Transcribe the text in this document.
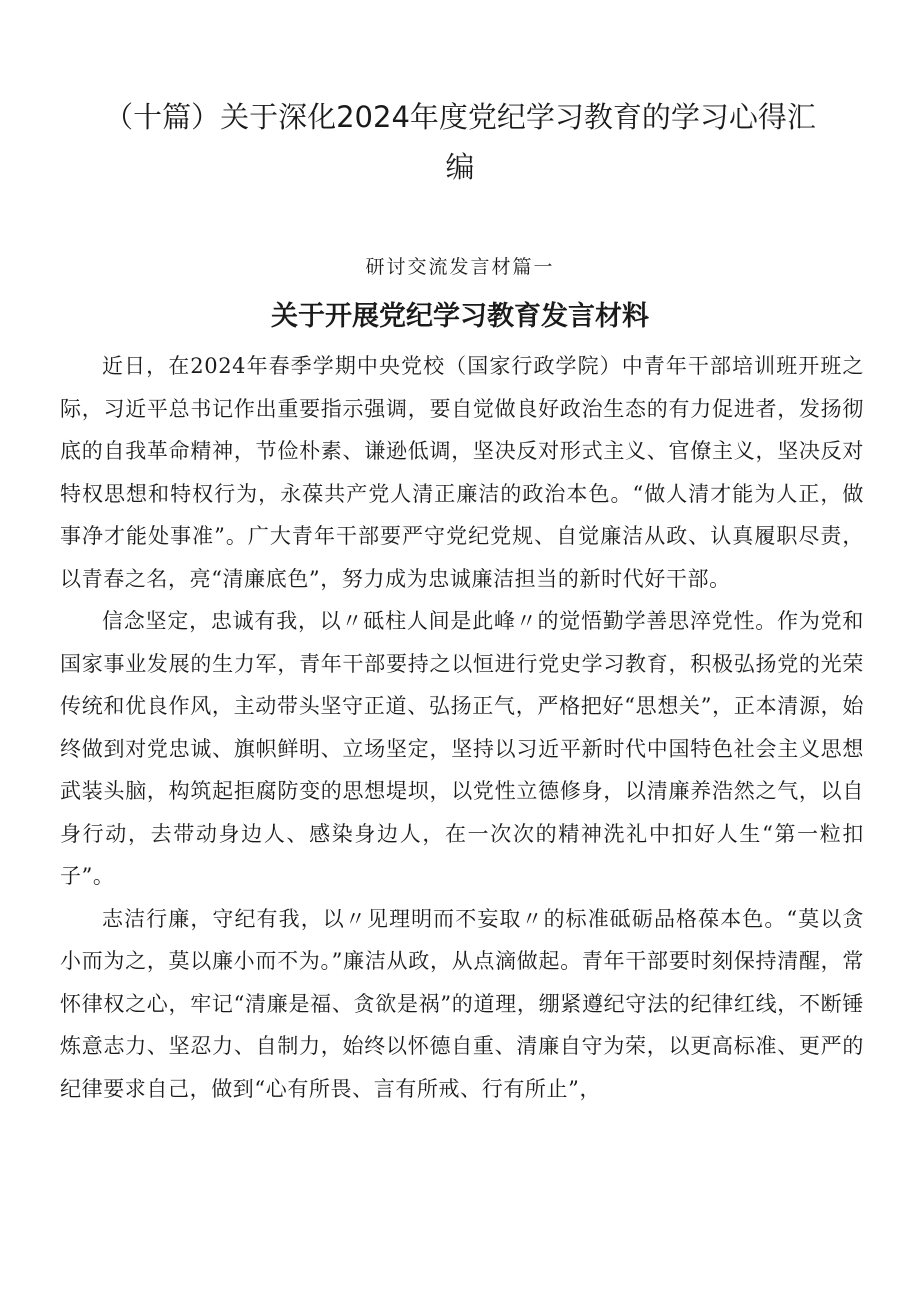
（十篇）关于深化2024年度党纪学习教育的学习心得汇编

研讨交流发言材篇一

关于开展党纪学习教育发言材料

近日，在2024年春季学期中央党校（国家行政学院）中青年干部培训班开班之际，习近平总书记作出重要指示强调，要自觉做良好政治生态的有力促进者，发扬彻底的自我革命精神，节俭朴素、谦逊低调，坚决反对形式主义、官僚主义，坚决反对特权思想和特权行为，永葆共产党人清正廉洁的政治本色。“做人清才能为人正，做事净才能处事准”。广大青年干部要严守党纪党规、自觉廉洁从政、认真履职尽责，以青春之名，亮“清廉底色”，努力成为忠诚廉洁担当的新时代好干部。

信念坚定，忠诚有我，以〃砥柱人间是此峰〃的觉悟勤学善思淬党性。作为党和国家事业发展的生力军，青年干部要持之以恒进行党史学习教育，积极弘扬党的光荣传统和优良作风，主动带头坚守正道、弘扬正气，严格把好“思想关”，正本清源，始终做到对党忠诚、旗帜鲜明、立场坚定，坚持以习近平新时代中国特色社会主义思想武装头脑，构筑起拒腐防变的思想堤坝，以党性立德修身，以清廉养浩然之气，以自身行动，去带动身边人、感染身边人，在一次次的精神洗礼中扣好人生“第一粒扣子”。

志洁行廉，守纪有我，以〃见理明而不妄取〃的标准砥砺品格葆本色。“莫以贪小而为之，莫以廉小而不为。”廉洁从政，从点滴做起。青年干部要时刻保持清醒，常怀律权之心，牢记“清廉是福、贪欲是祸”的道理，绷紧遵纪守法的纪律红线，不断锤炼意志力、坚忍力、自制力，始终以怀德自重、清廉自守为荣，以更高标准、更严的纪律要求自己，做到“心有所畏、言有所戒、行有所止”，
